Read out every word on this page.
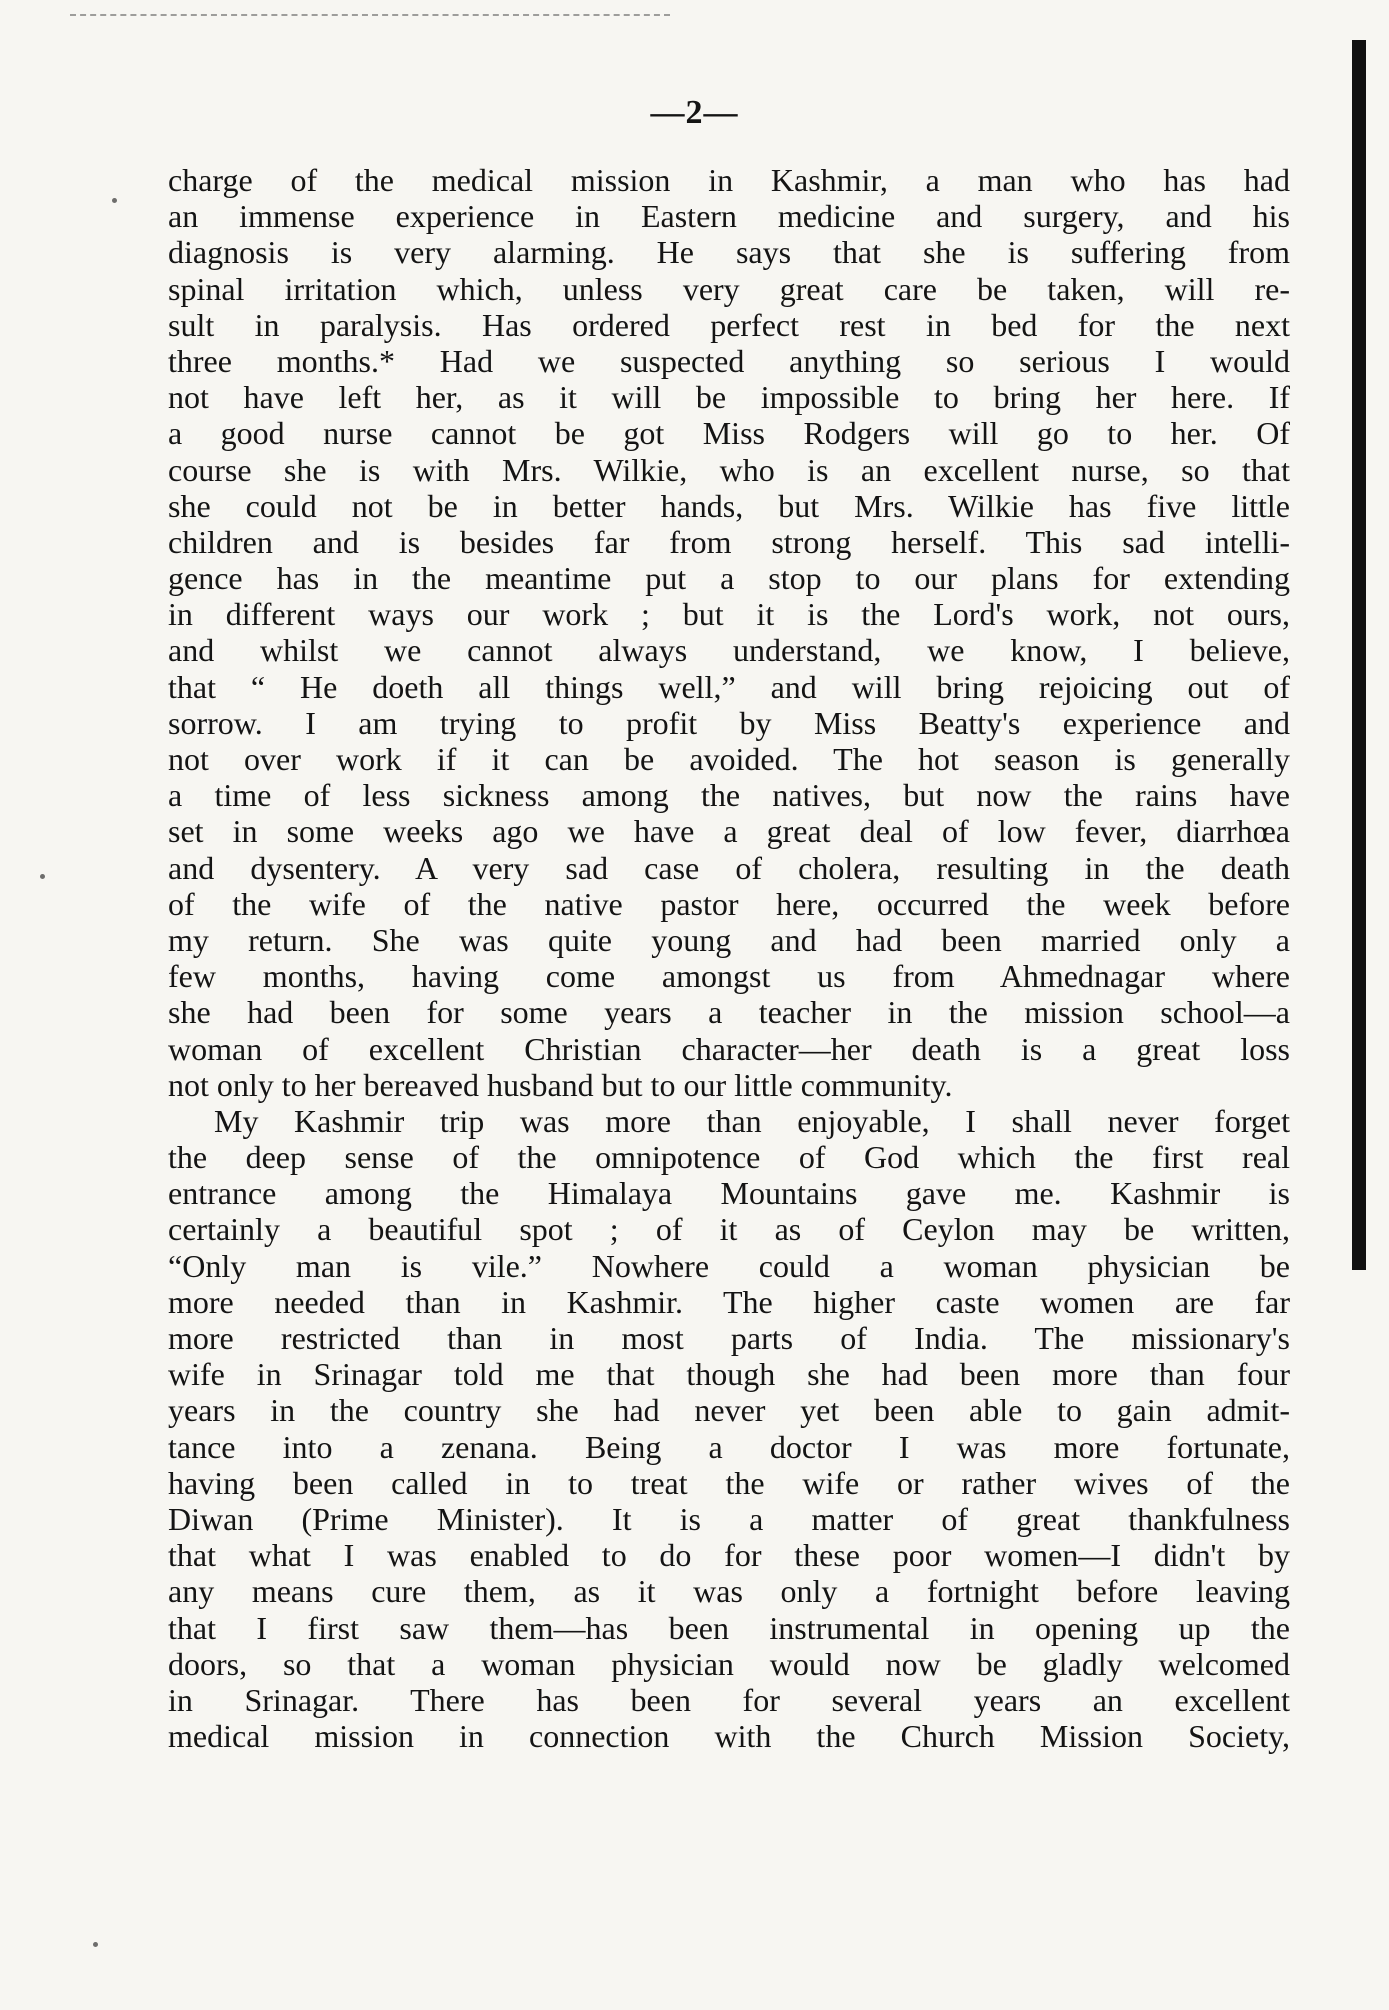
—2—
charge of the medical mission in Kashmir, a man who has had
an immense experience in Eastern medicine and surgery, and his
diagnosis is very alarming. He says that she is suffering from
spinal irritation which, unless very great care be taken, will re-
sult in paralysis. Has ordered perfect rest in bed for the next
three months.* Had we suspected anything so serious I would
not have left her, as it will be impossible to bring her here. If
a good nurse cannot be got Miss Rodgers will go to her. Of
course she is with Mrs. Wilkie, who is an excellent nurse, so that
she could not be in better hands, but Mrs. Wilkie has five little
children and is besides far from strong herself. This sad intelli-
gence has in the meantime put a stop to our plans for extending
in different ways our work ; but it is the Lord's work, not ours,
and whilst we cannot always understand, we know, I believe,
that “ He doeth all things well,” and will bring rejoicing out of
sorrow. I am trying to profit by Miss Beatty's experience and
not over work if it can be avoided. The hot season is generally
a time of less sickness among the natives, but now the rains have
set in some weeks ago we have a great deal of low fever, diarrhœa
and dysentery. A very sad case of cholera, resulting in the death
of the wife of the native pastor here, occurred the week before
my return. She was quite young and had been married only a
few months, having come amongst us from Ahmednagar where
she had been for some years a teacher in the mission school—a
woman of excellent Christian character—her death is a great loss
not only to her bereaved husband but to our little community.
My Kashmir trip was more than enjoyable, I shall never forget
the deep sense of the omnipotence of God which the first real
entrance among the Himalaya Mountains gave me. Kashmir is
certainly a beautiful spot ; of it as of Ceylon may be written,
“Only man is vile.” Nowhere could a woman physician be
more needed than in Kashmir. The higher caste women are far
more restricted than in most parts of India. The missionary's
wife in Srinagar told me that though she had been more than four
years in the country she had never yet been able to gain admit-
tance into a zenana. Being a doctor I was more fortunate,
having been called in to treat the wife or rather wives of the
Diwan (Prime Minister). It is a matter of great thankfulness
that what I was enabled to do for these poor women—I didn't by
any means cure them, as it was only a fortnight before leaving
that I first saw them—has been instrumental in opening up the
doors, so that a woman physician would now be gladly welcomed
in Srinagar. There has been for several years an excellent
medical mission in connection with the Church Mission Society,
